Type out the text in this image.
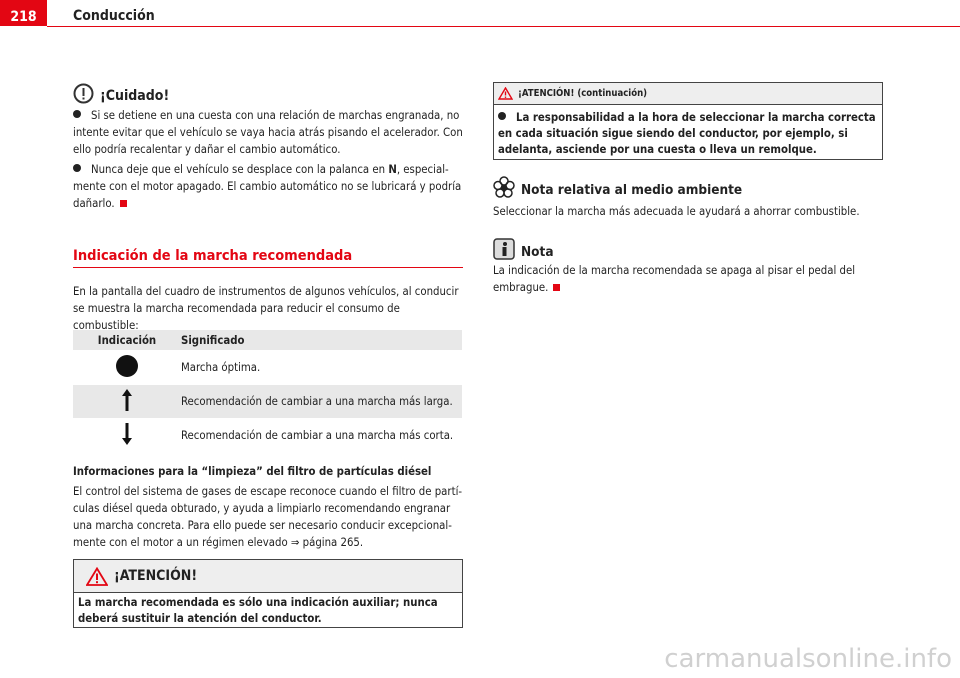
218	Conducción
¡Cuidado!

Si se detiene en una cuesta con una relación de marchas engranada, no intente evitar que el vehículo se vaya hacia atrás pisando el acelerador. Con ello podría recalentar y dañar el cambio automático.

Nunca deje que el vehículo se desplace con la palanca en N, especialmente con el motor apagado. El cambio automático no se lubricará y podría dañarlo.

Indicación de la marcha recomendada

En la pantalla del cuadro de instrumentos de algunos vehículos, al conducir se muestra la marcha recomendada para reducir el consumo de combustible:

Indicación	Significado
	Marcha óptima.
	Recomendación de cambiar a una marcha más larga.
	Recomendación de cambiar a una marcha más corta.

Informaciones para la “limpieza” del filtro de partículas diésel

El control del sistema de gases de escape reconoce cuando el filtro de partículas diésel queda obturado, y ayuda a limpiarlo recomendando engranar una marcha concreta. Para ello puede ser necesario conducir excepcionalmente con el motor a un régimen elevado ⇒ página 265.

¡ATENCIÓN!

La marcha recomendada es sólo una indicación auxiliar; nunca deberá sustituir la atención del conductor.

¡ATENCIÓN! (continuación)

La responsabilidad a la hora de seleccionar la marcha correcta en cada situación sigue siendo del conductor, por ejemplo, si adelanta, asciende por una cuesta o lleva un remolque.

Nota relativa al medio ambiente

Seleccionar la marcha más adecuada le ayudará a ahorrar combustible.

Nota

La indicación de la marcha recomendada se apaga al pisar el pedal del embrague.

carmanualsonline.info
